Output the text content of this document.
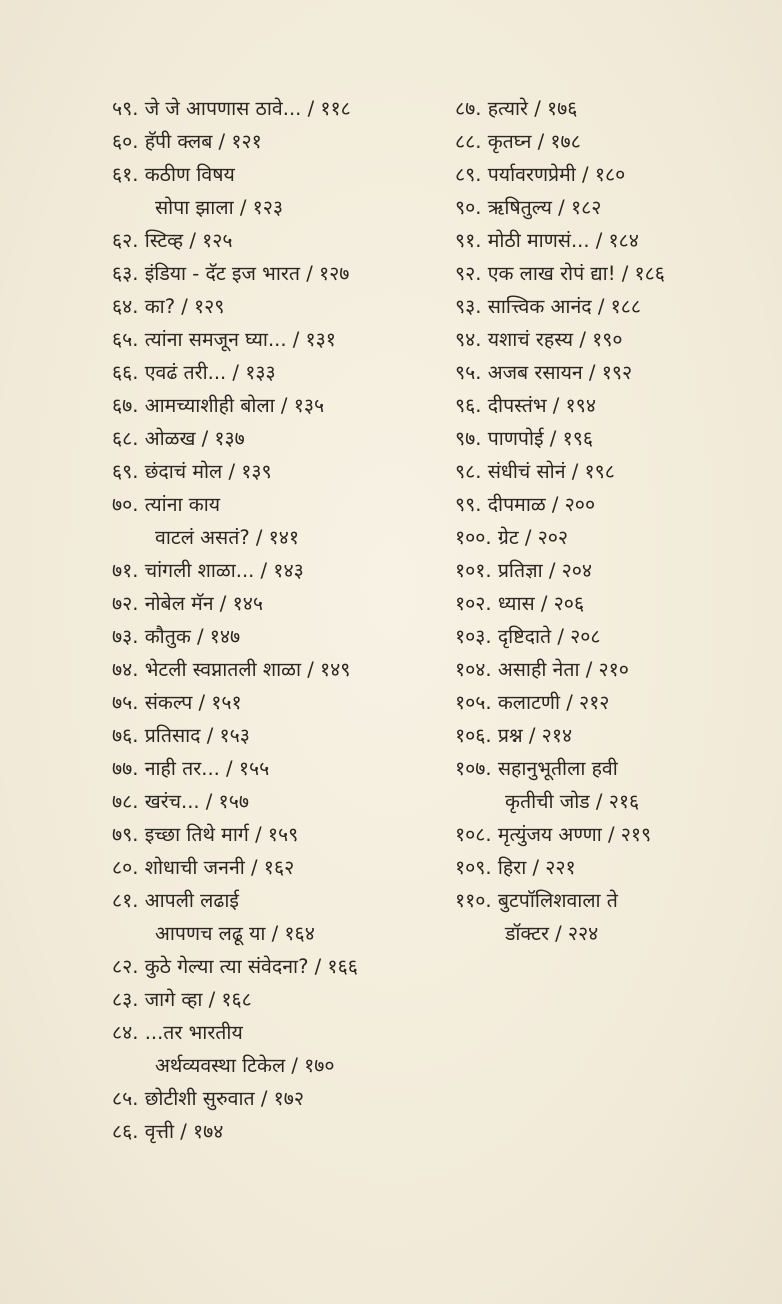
५९. जे जे आपणास ठावे... / ११८
६०. हॅपी क्लब / १२१
६१. कठीण विषय
सोपा झाला / १२३
६२. स्टिव्ह / १२५
६३. इंडिया - दॅट इज भारत / १२७
६४. का? / १२९
६५. त्यांना समजून घ्या... / १३१
६६. एवढं तरी... / १३३
६७. आमच्याशीही बोला / १३५
६८. ओळख / १३७
६९. छंदाचं मोल / १३९
७०. त्यांना काय
वाटलं असतं? / १४१
७१. चांगली शाळा... / १४३
७२. नोबेल मॅन / १४५
७३. कौतुक / १४७
७४. भेटली स्वप्नातली शाळा / १४९
७५. संकल्प / १५१
७६. प्रतिसाद / १५३
७७. नाही तर... / १५५
७८. खरंच... / १५७
७९. इच्छा तिथे मार्ग / १५९
८०. शोधाची जननी / १६२
८१. आपली लढाई
आपणच लढू या / १६४
८२. कुठे गेल्या त्या संवेदना? / १६६
८३. जागे व्हा / १६८
८४. ...तर भारतीय
अर्थव्यवस्था टिकेल / १७०
८५. छोटीशी सुरुवात / १७२
८६. वृत्ती / १७४
८७. हत्यारे / १७६
८८. कृतघ्न / १७८
८९. पर्यावरणप्रेमी / १८०
९०. ऋषितुल्य / १८२
९१. मोठी माणसं... / १८४
९२. एक लाख रोपं द्या! / १८६
९३. सात्त्विक आनंद / १८८
९४. यशाचं रहस्य / १९०
९५. अजब रसायन / १९२
९६. दीपस्तंभ / १९४
९७. पाणपोई / १९६
९८. संधीचं सोनं / १९८
९९. दीपमाळ / २००
१००. ग्रेट / २०२
१०१. प्रतिज्ञा / २०४
१०२. ध्यास / २०६
१०३. दृष्टिदाते / २०८
१०४. असाही नेता / २१०
१०५. कलाटणी / २१२
१०६. प्रश्न / २१४
१०७. सहानुभूतीला हवी
कृतीची जोड / २१६
१०८. मृत्युंजय अण्णा / २१९
१०९. हिरा / २२१
११०. बुटपॉलिशवाला ते
डॉक्टर / २२४
